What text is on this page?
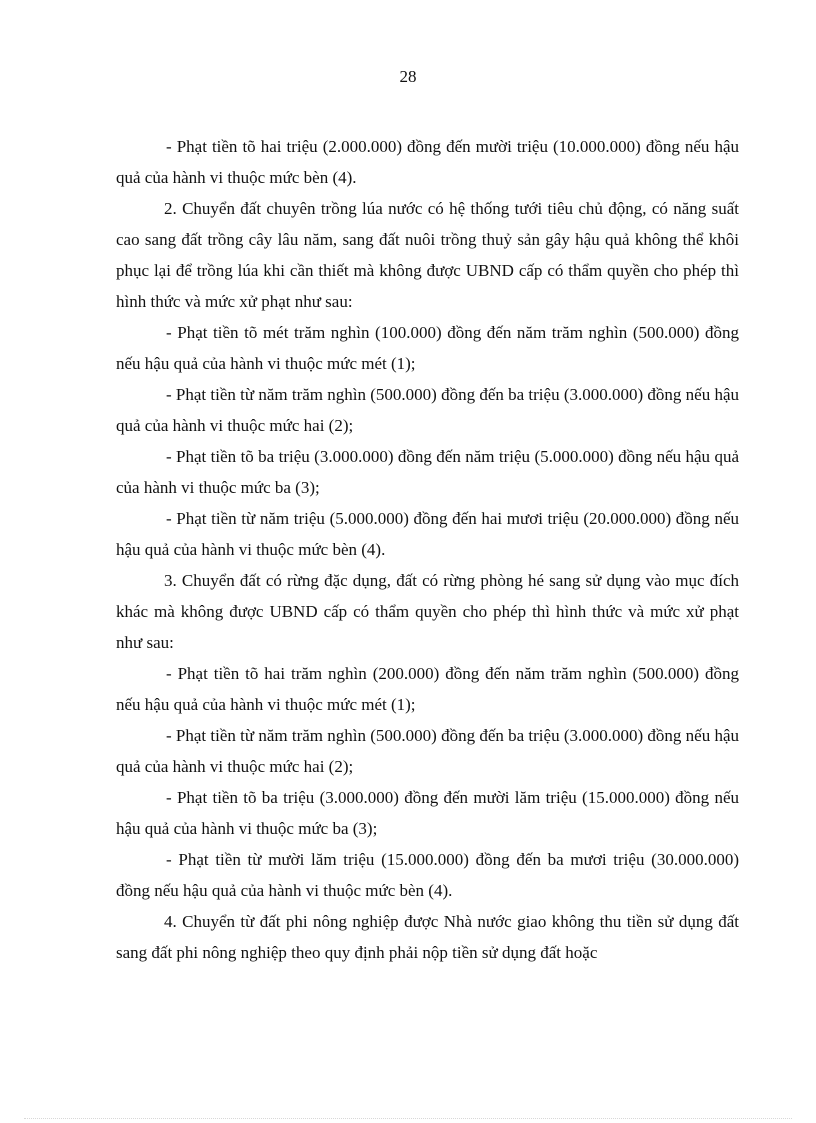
28

- Phạt tiền tõ hai triệu (2.000.000) đồng đến mười triệu (10.000.000) đồng nếu hậu quả của hành vi thuộc mức bèn (4).

2. Chuyển đất chuyên trồng lúa nước có hệ thống tưới tiêu chủ động, có năng suất cao sang đất trồng cây lâu năm, sang đất nuôi trồng thuỷ sản gây hậu quả không thể khôi phục lại để trồng lúa khi cần thiết mà không được UBND cấp có thẩm quyền cho phép thì hình thức và mức xử phạt như sau:

- Phạt tiền tõ mét trăm nghìn (100.000) đồng đến năm trăm nghìn (500.000) đồng nếu hậu quả của hành vi thuộc mức mét (1);

- Phạt tiền từ năm trăm nghìn (500.000) đồng đến ba triệu (3.000.000) đồng nếu hậu quả của hành vi thuộc mức hai (2);

- Phạt tiền tõ ba triệu (3.000.000) đồng đến năm triệu (5.000.000) đồng nếu hậu quả của hành vi thuộc mức ba (3);

- Phạt tiền từ năm triệu (5.000.000) đồng đến hai mươi triệu (20.000.000) đồng nếu hậu quả của hành vi thuộc mức bèn (4).

3. Chuyển đất có rừng đặc dụng, đất có rừng phòng hé sang sử dụng vào mục đích khác mà không được UBND cấp có thẩm quyền cho phép thì hình thức và mức xử phạt như sau:

- Phạt tiền tõ hai trăm nghìn (200.000) đồng đến năm trăm nghìn (500.000) đồng nếu hậu quả của hành vi thuộc mức mét (1);

- Phạt tiền từ năm trăm nghìn (500.000) đồng đến ba triệu (3.000.000) đồng nếu hậu quả của hành vi thuộc mức hai (2);

- Phạt tiền tõ ba triệu (3.000.000) đồng đến mười lăm triệu (15.000.000) đồng nếu hậu quả của hành vi thuộc mức ba (3);

- Phạt tiền từ mười lăm triệu (15.000.000) đồng đến ba mươi triệu (30.000.000) đồng nếu hậu quả của hành vi thuộc mức bèn (4).

4. Chuyển từ đất phi nông nghiệp được Nhà nước giao không thu tiền sử dụng đất sang đất phi nông nghiệp theo quy định phải nộp tiền sử dụng đất hoặc
